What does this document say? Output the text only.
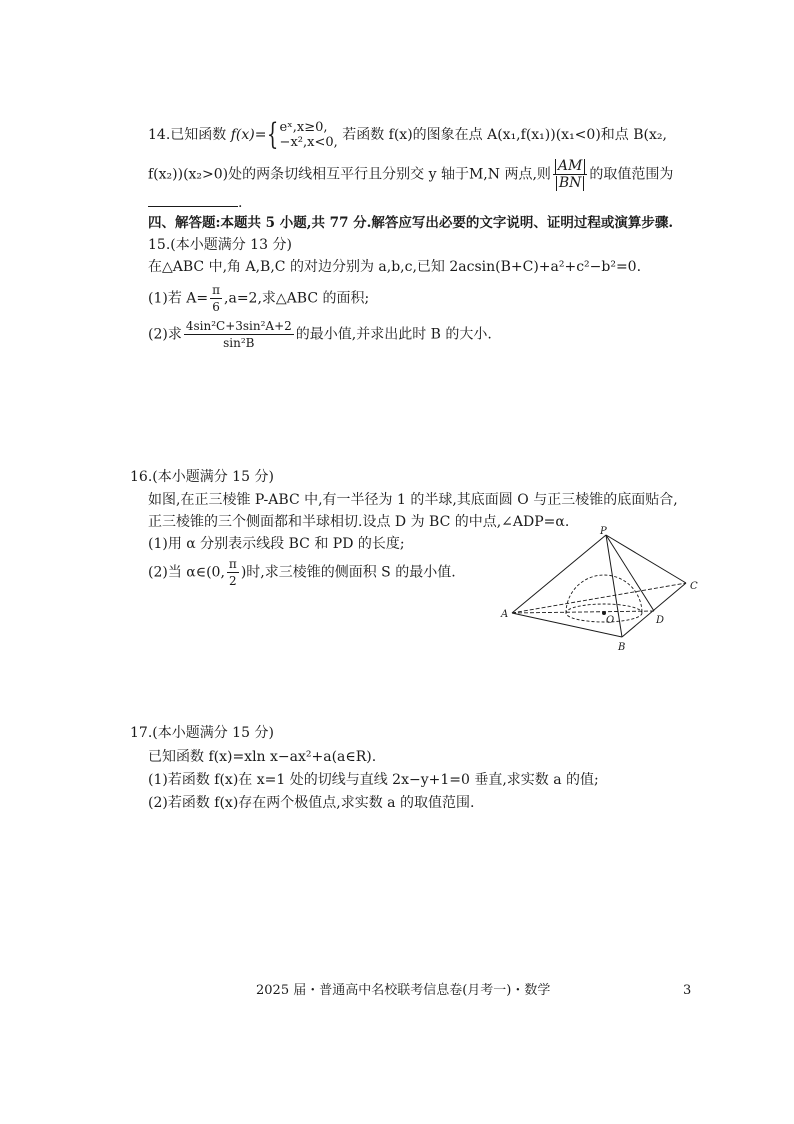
14.已知函数 f(x)={ eˣ,x≥0,
−x²,x<0, 若函数 f(x)的图象在点 A(x₁,f(x₁))(x₁<0)和点 B(x₂,
f(x₂))(x₂>0)处的两条切线相互平行且分别交 y 轴于M,N 两点,则 $\frac{AM}{BN}$ 的取值范围为
.
四、解答题:本题共 5 小题,共 77 分.解答应写出必要的文字说明、证明过程或演算步骤.
15.(本小题满分 13 分)
在△ABC 中,角 A,B,C 的对边分别为 a,b,c,已知 2acsin(B+C)+a²+c²−b²=0.
(1)若 $A= \frac{\pi}{6} ,a=2$,求△ABC 的面积;
(2)求 $\frac{\text{4sin²C+3sin²A+2}}{\text{sin²B}}$ 的最小值,并求出此时 B 的大小.
16.(本小题满分 15 分)
如图,在正三棱锥 P-ABC 中,有一半径为 1 的半球,其底面圆 O 与正三棱锥的底面贴合,
正三棱锥的三个侧面都和半球相切.设点 D 为 BC 的中点,∠ADP=α.
(1)用 α 分别表示线段 BC 和 PD 的长度;
(2)当 α∈(0, $\frac{\pi}{2}$ )时,求三棱锥的侧面积 S 的最小值.
P
A
B
C
D
O
17.(本小题满分 15 分)
已知函数 f(x)=xln x−ax²+a(a∈R).
(1)若函数 f(x)在 x=1 处的切线与直线 2x−y+1=0 垂直,求实数 a 的值;
(2)若函数 f(x)存在两个极值点,求实数 a 的取值范围.
2025 届・普通高中名校联考信息卷(月考一)・数学	3
